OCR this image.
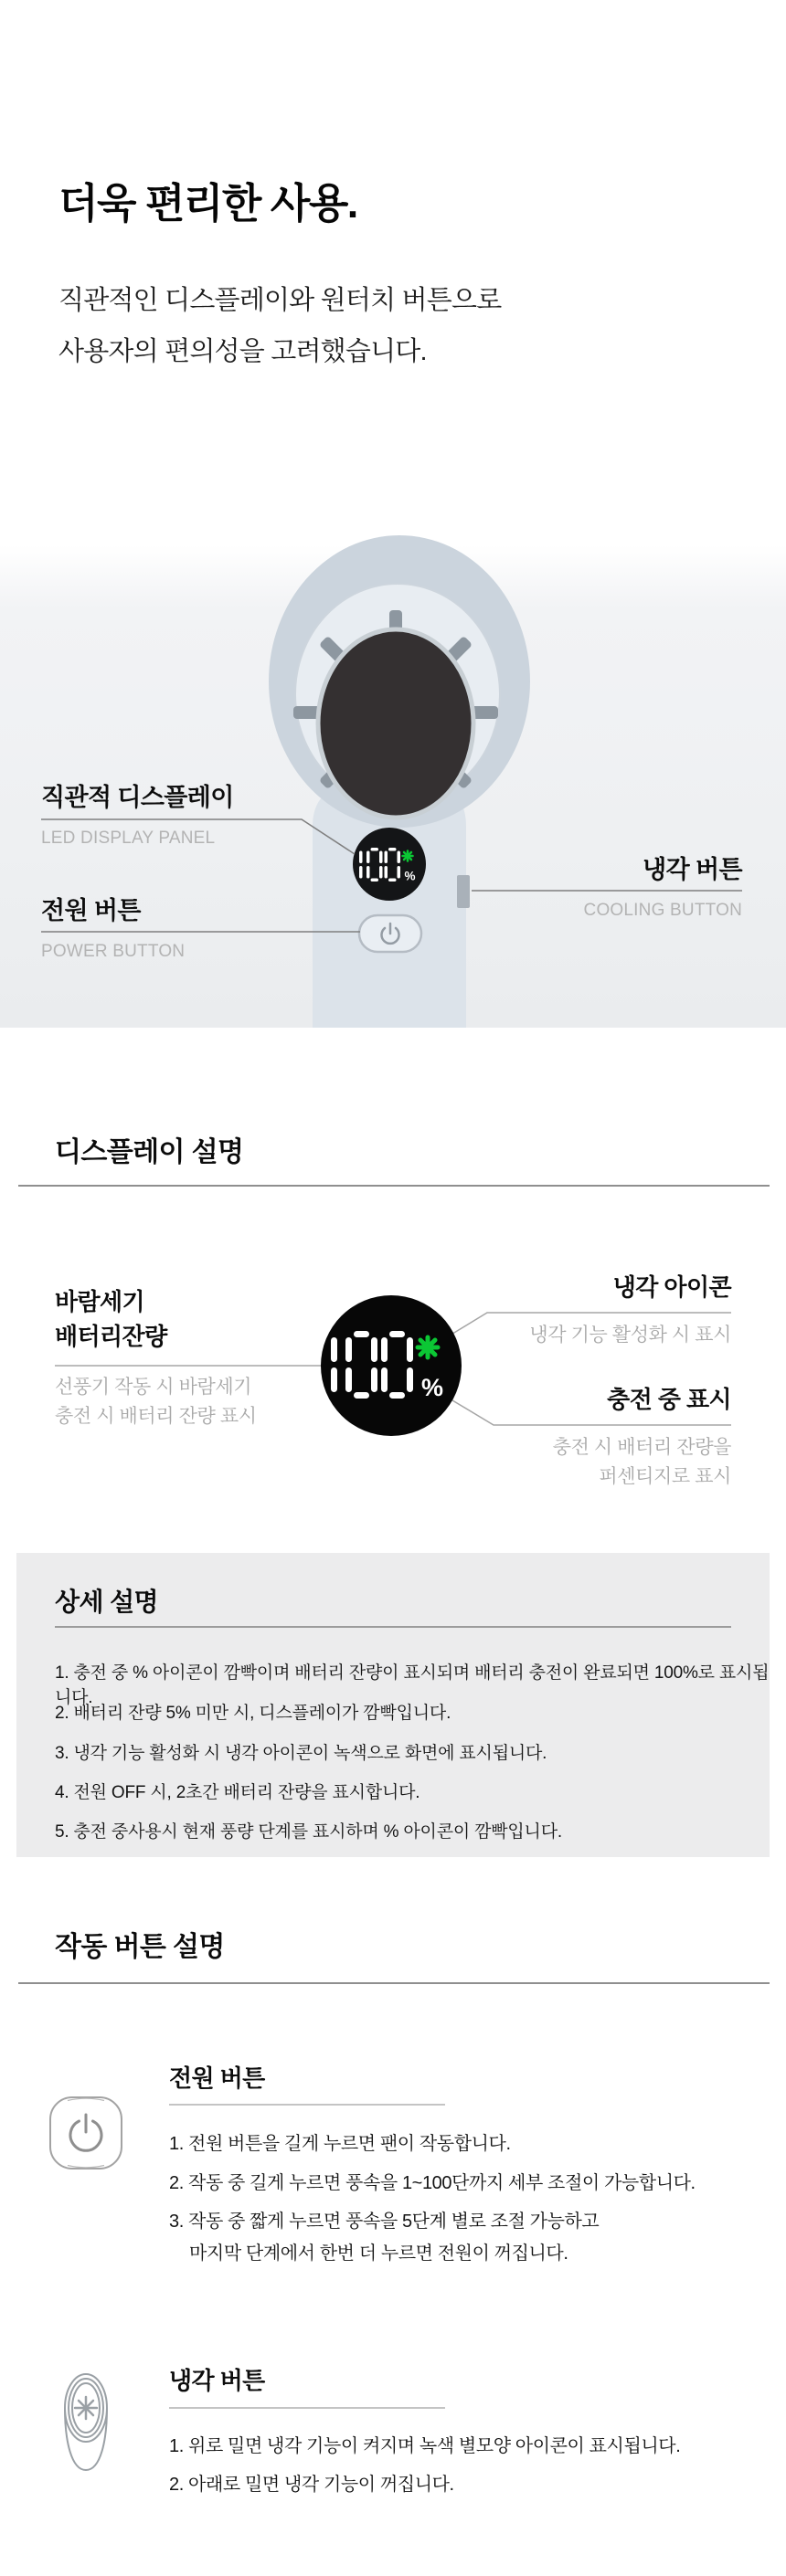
더욱 편리한 사용.
직관적인 디스플레이와 원터치 버튼으로
사용자의 편의성을 고려했습니다.
%
직관적 디스플레이
LED DISPLAY PANEL
전원 버튼
POWER BUTTON
냉각 버튼
COOLING BUTTON
디스플레이 설명
바람세기
배터리잔량
선풍기 작동 시 바람세기
충전 시 배터리 잔량 표시
냉각 아이콘
냉각 기능 활성화 시 표시
충전 중 표시
충전 시 배터리 잔량을
퍼센티지로 표시
%
상세 설명
1. 충전 중 % 아이콘이 깜빡이며 배터리 잔량이 표시되며 배터리 충전이 완료되면 100%로 표시됩니다.
2. 배터리 잔량 5% 미만 시, 디스플레이가 깜빡입니다.
3. 냉각 기능 활성화 시 냉각 아이콘이 녹색으로 화면에 표시됩니다.
4. 전원 OFF 시, 2초간 배터리 잔량을 표시합니다.
5. 충전 중사용시 현재 풍량 단계를 표시하며 % 아이콘이 깜빡입니다.
작동 버튼 설명
전원 버튼
1. 전원 버튼을 길게 누르면 팬이 작동합니다.
2. 작동 중 길게 누르면 풍속을 1~100단까지 세부 조절이 가능합니다.
3. 작동 중 짧게 누르면 풍속을 5단계 별로 조절 가능하고
마지막 단계에서 한번 더 누르면 전원이 꺼집니다.
냉각 버튼
1. 위로 밀면 냉각 기능이 켜지며 녹색 별모양 아이콘이 표시됩니다.
2. 아래로 밀면 냉각 기능이 꺼집니다.
